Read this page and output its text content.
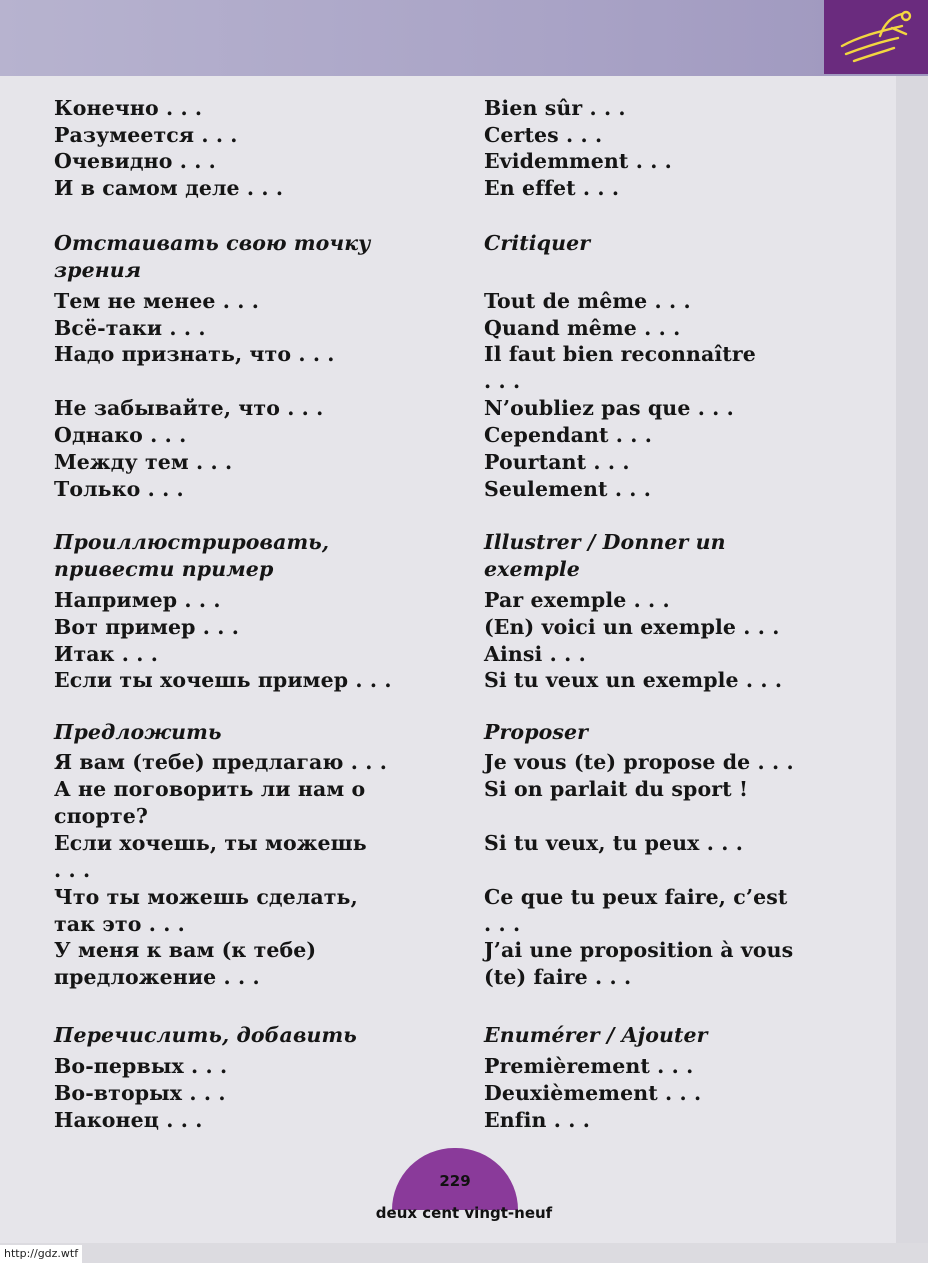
Конечно . . .
Разумеется . . .
Очевидно . . .
И в самом деле . . .
Отстаивать свою точку
зрения
Тем не менее . . .
Всё-таки . . .
Надо признать, что . . .
Не забывайте, что . . .
Однако . . .
Между тем . . .
Только . . .
Проиллюстрировать,
привести пример
Например . . .
Вот пример . . .
Итак . . .
Если ты хочешь пример . . .
Предложить
Я вам (тебе) предлагаю . . .
А не поговорить ли нам о
спорте?
Если хочешь, ты можешь
. . .
Что ты можешь сделать,
так это . . .
У меня к вам (к тебе)
предложение . . .
Перечислить, добавить
Во-первых . . .
Во-вторых . . .
Наконец . . .
Bien sûr . . .
Certes . . .
Evidemment . . .
En effet . . .
Critiquer
Tout de même . . .
Quand même . . .
Il faut bien reconnaître
. . .
N’oubliez pas que . . .
Cependant . . .
Pourtant . . .
Seulement . . .
Illustrer / Donner un
exemple
Par exemple . . .
(En) voici un exemple . . .
Ainsi . . .
Si tu veux un exemple . . .
Proposer
Je vous (te) propose de . . .
Si on parlait du sport !
Si tu veux, tu peux . . .
Ce que tu peux faire, c’est
. . .
J’ai une proposition à vous
(te) faire . . .
Enumérer / Ajouter
Premièrement . . .
Deuxièmement . . .
Enfin . . .
229
deux cent vingt-neuf
http://gdz.wtf
